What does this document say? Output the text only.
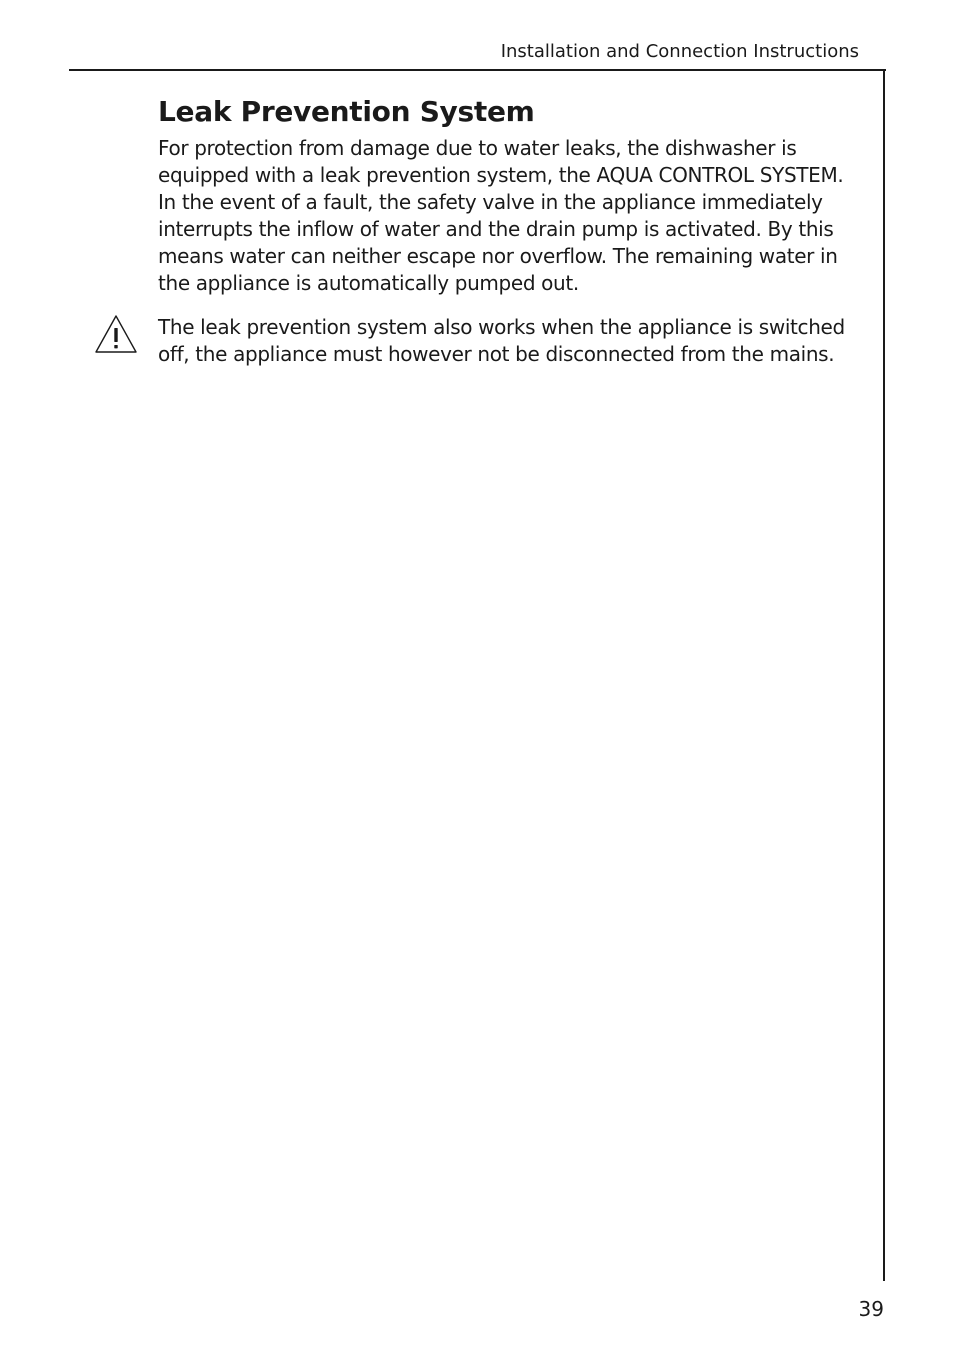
Installation and Connection Instructions
Leak Prevention System

For protection from damage due to water leaks, the dishwasher is equipped with a leak prevention system, the AQUA CONTROL SYSTEM. In the event of a fault, the safety valve in the appliance immediately interrupts the inflow of water and the drain pump is activated. By this means water can neither escape nor overflow. The remaining water in the appliance is automatically pumped out.

The leak prevention system also works when the appliance is switched off, the appliance must however not be disconnected from the mains.

39
